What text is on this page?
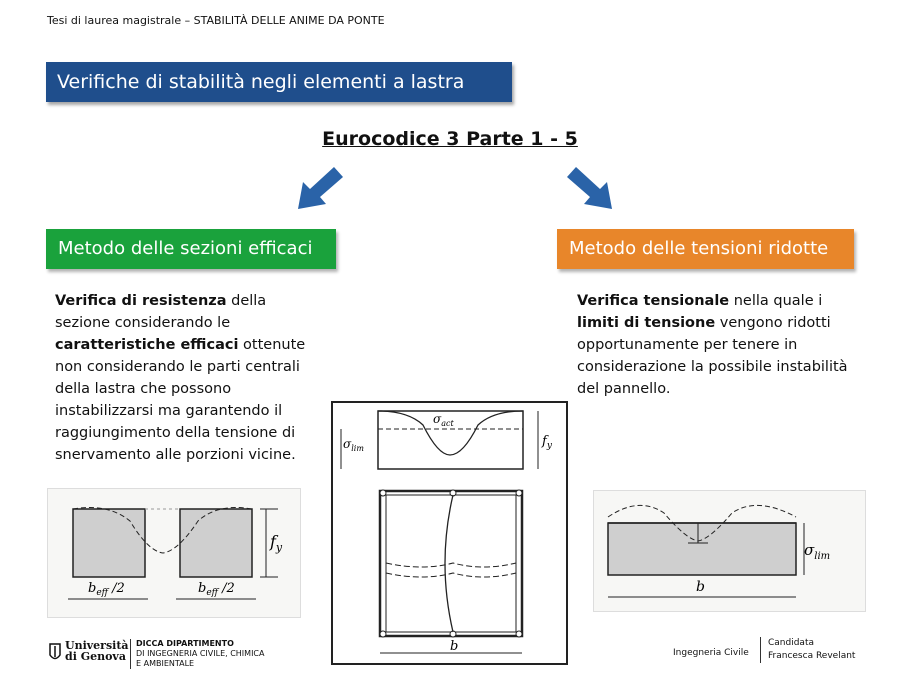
Tesi di laurea magistrale – STABILITÀ DELLE ANIME DA PONTE
Verifiche di stabilità negli elementi a lastra
Eurocodice 3 Parte 1 - 5
Metodo delle sezioni efficaci	Metodo delle tensioni ridotte
Verifica di resistenza della sezione considerando le caratteristiche efficaci ottenute non considerando le parti centrali della lastra che possono instabilizzarsi ma garantendo il raggiungimento della tensione di snervamento alle porzioni vicine.
Verifica tensionale nella quale i limiti di tensione vengono ridotti opportunamente per tenere in considerazione la possibile instabilità del pannello.
$f_y$
$b_{eff}$ /2	$b_{eff}$ /2
$\sigma_{act}$
$\sigma_{lim}$	$f_y$
b
$\sigma_{lim}$
b
Università
di Genova
DICCA DIPARTIMENTO
DI INGEGNERIA CIVILE, CHIMICA
E AMBIENTALE
Ingegneria Civile
Candidata
Francesca Revelant
